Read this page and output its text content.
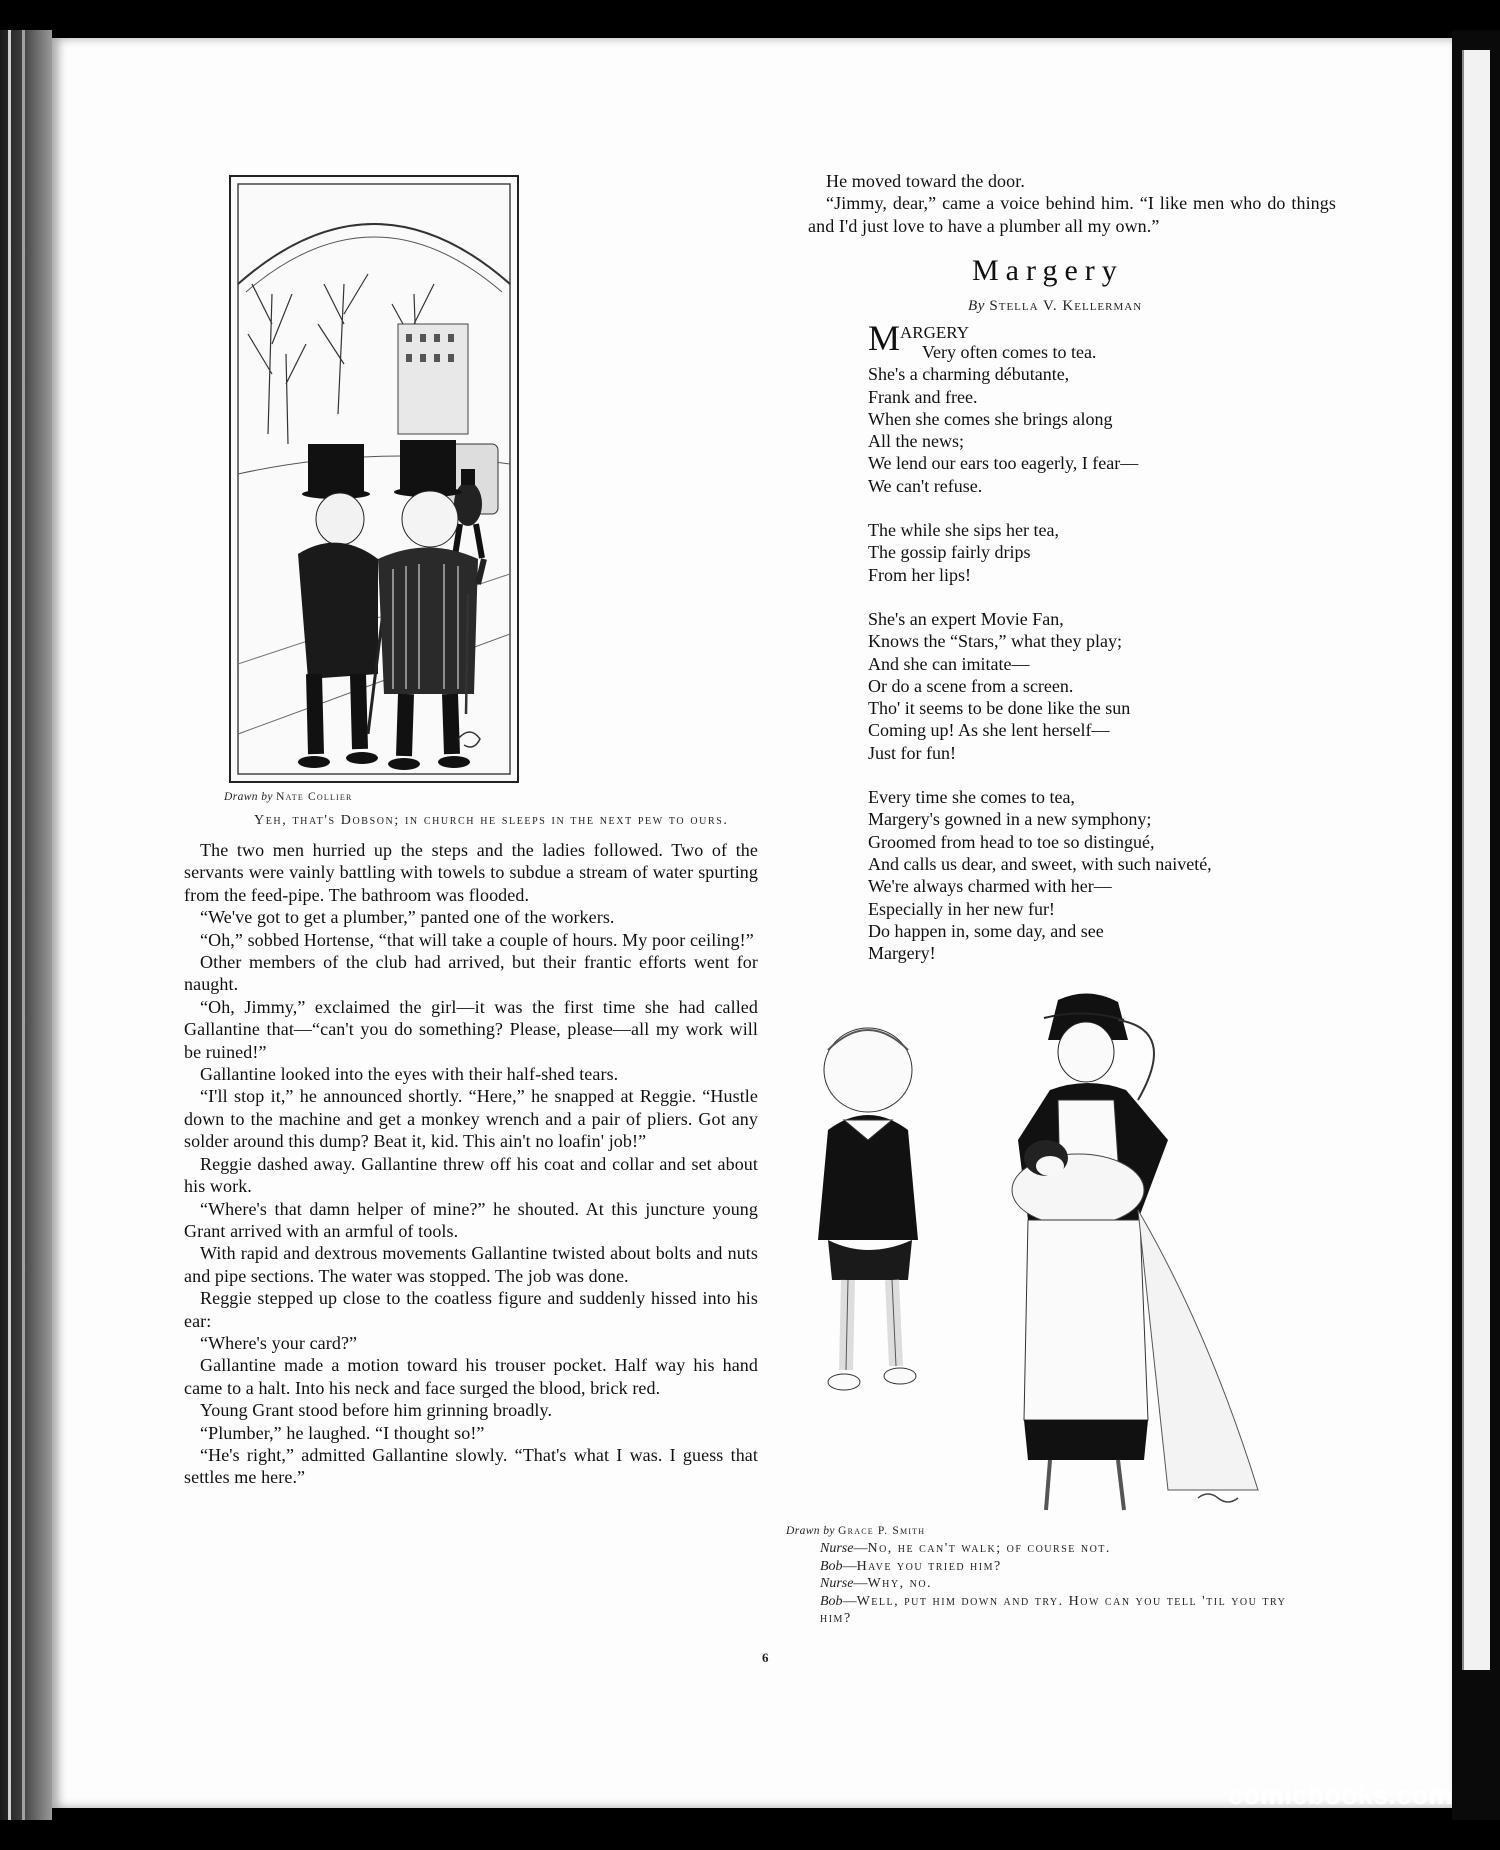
Drawn by Nate Collier
Yeh, that's Dobson; in church he sleeps in the next pew to ours.

The two men hurried up the steps and the ladies followed. Two of the servants were vainly battling with towels to subdue a stream of water spurting from the feed-pipe. The bathroom was flooded.

“We've got to get a plumber,” panted one of the workers.

“Oh,” sobbed Hortense, “that will take a couple of hours. My poor ceiling!”

Other members of the club had arrived, but their frantic efforts went for naught.

“Oh, Jimmy,” exclaimed the girl—it was the first time she had called Gallantine that—“can't you do something? Please, please—all my work will be ruined!”

Gallantine looked into the eyes with their half-shed tears.

“I'll stop it,” he announced shortly. “Here,” he snapped at Reggie. “Hustle down to the machine and get a monkey wrench and a pair of pliers. Got any solder around this dump? Beat it, kid. This ain't no loafin' job!”

Reggie dashed away. Gallantine threw off his coat and collar and set about his work.

“Where's that damn helper of mine?” he shouted. At this juncture young Grant arrived with an armful of tools.

With rapid and dextrous movements Gallantine twisted about bolts and nuts and pipe sections. The water was stopped. The job was done.

Reggie stepped up close to the coatless figure and suddenly hissed into his ear:

“Where's your card?”

Gallantine made a motion toward his trouser pocket. Half way his hand came to a halt. Into his neck and face surged the blood, brick red.

Young Grant stood before him grinning broadly.

“Plumber,” he laughed. “I thought so!”

“He's right,” admitted Gallantine slowly. “That's what I was. I guess that settles me here.”

He moved toward the door.

“Jimmy, dear,” came a voice behind him. “I like men who do things and I'd just love to have a plumber all my own.”

Margery
By Stella V. Kellerman
MARGERY
Very often comes to tea.
She's a charming débutante,
Frank and free.
When she comes she brings along
All the news;
We lend our ears too eagerly, I fear—
We can't refuse.
The while she sips her tea,
The gossip fairly drips
From her lips!
She's an expert Movie Fan,
Knows the “Stars,” what they play;
And she can imitate—
Or do a scene from a screen.
Tho' it seems to be done like the sun
Coming up! As she lent herself—
Just for fun!
Every time she comes to tea,
Margery's gowned in a new symphony;
Groomed from head to toe so distingué,
And calls us dear, and sweet, with such naiveté,
We're always charmed with her—
Especially in her new fur!
Do happen in, some day, and see
Margery!
Drawn by Grace P. Smith
Nurse—No, he can't walk; of course not.
Bob—Have you tried him?
Nurse—Why, no.
Bob—Well, put him down and try. How can you tell 'til you try him?
6
comicbooks.com
